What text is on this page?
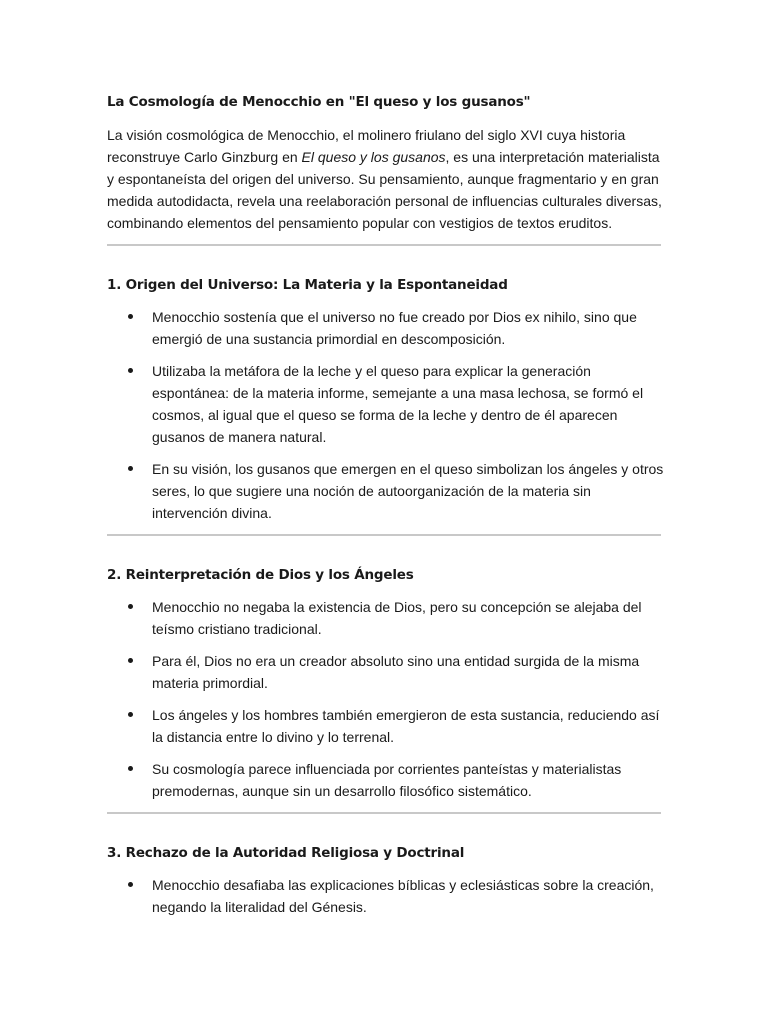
La Cosmología de Menocchio en "El queso y los gusanos"

La visión cosmológica de Menocchio, el molinero friulano del siglo XVI cuya historia reconstruye Carlo Ginzburg en El queso y los gusanos, es una interpretación materialista y espontaneísta del origen del universo. Su pensamiento, aunque fragmentario y en gran medida autodidacta, revela una reelaboración personal de influencias culturales diversas, combinando elementos del pensamiento popular con vestigios de textos eruditos.

1. Origen del Universo: La Materia y la Espontaneidad
Menocchio sostenía que el universo no fue creado por Dios ex nihilo, sino que emergió de una sustancia primordial en descomposición.
Utilizaba la metáfora de la leche y el queso para explicar la generación espontánea: de la materia informe, semejante a una masa lechosa, se formó el cosmos, al igual que el queso se forma de la leche y dentro de él aparecen gusanos de manera natural.
En su visión, los gusanos que emergen en el queso simbolizan los ángeles y otros seres, lo que sugiere una noción de autoorganización de la materia sin intervención divina.
2. Reinterpretación de Dios y los Ángeles
Menocchio no negaba la existencia de Dios, pero su concepción se alejaba del teísmo cristiano tradicional.
Para él, Dios no era un creador absoluto sino una entidad surgida de la misma materia primordial.
Los ángeles y los hombres también emergieron de esta sustancia, reduciendo así la distancia entre lo divino y lo terrenal.
Su cosmología parece influenciada por corrientes panteístas y materialistas premodernas, aunque sin un desarrollo filosófico sistemático.
3. Rechazo de la Autoridad Religiosa y Doctrinal
Menocchio desafiaba las explicaciones bíblicas y eclesiásticas sobre la creación, negando la literalidad del Génesis.
